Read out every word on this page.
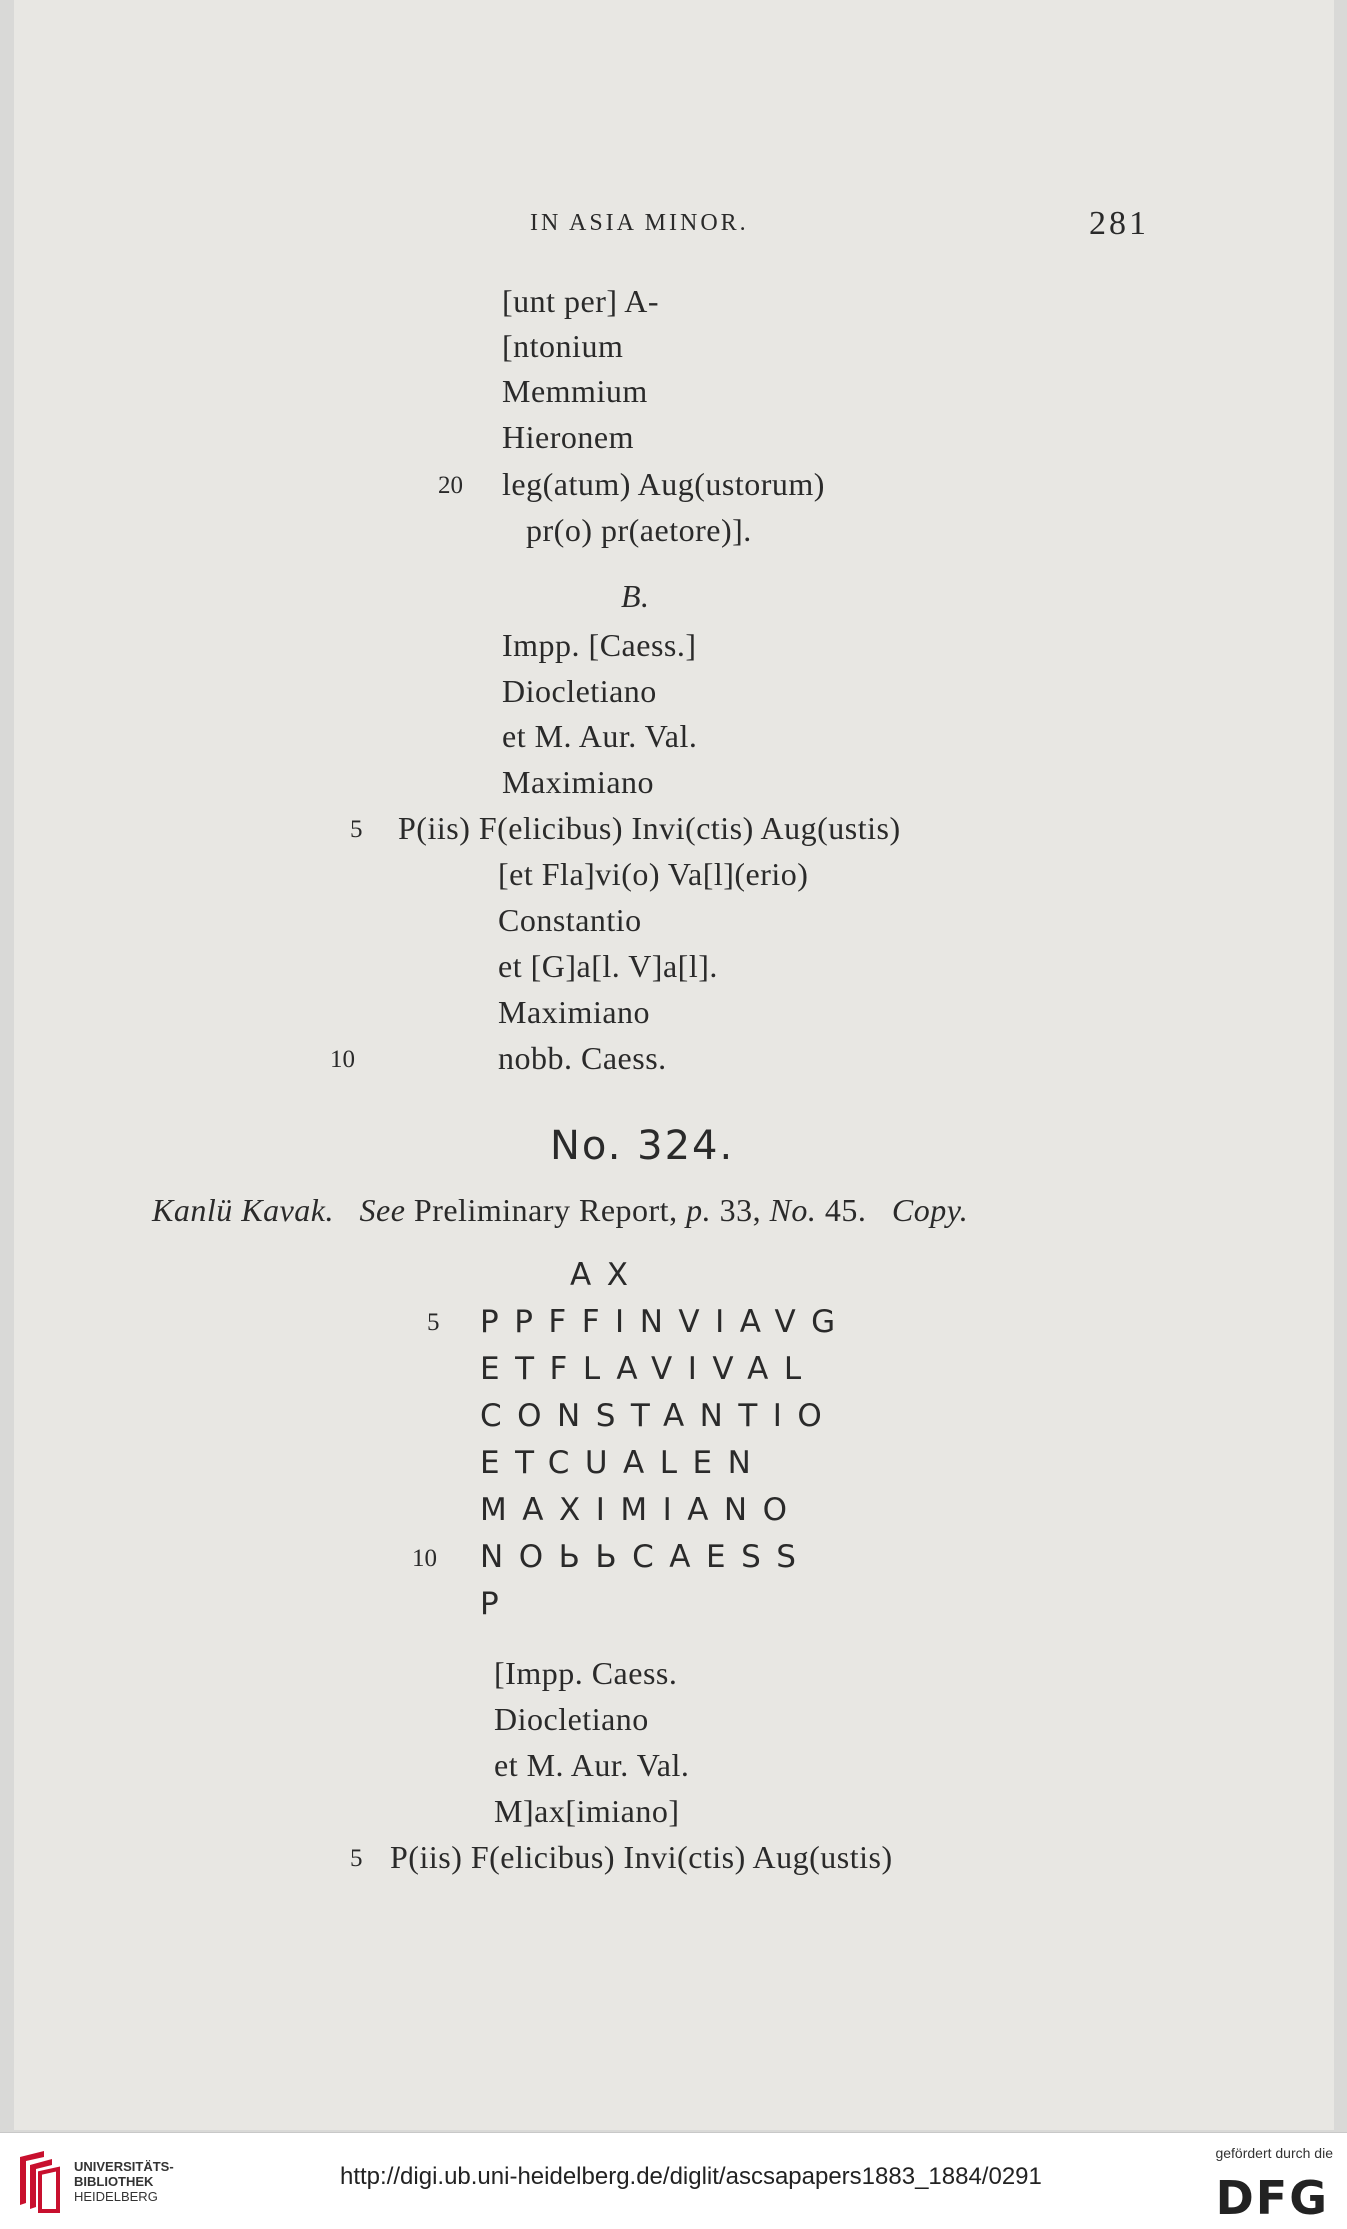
IN ASIA MINOR.	281
[unt per] A-
[ntonium
Memmium
Hieronem
20 leg(atum) Aug(ustorum)
pr(o) pr(aetore)].
B.
Impp. [Caess.]
Diocletiano
et M. Aur. Val.
Maximiano
5 P(iis) F(elicibus) Invi(ctis) Aug(ustis)
[et Fla]vi(o) Va[l](erio)
Constantio
et [G]a[l. V]a[l].
Maximiano
10	nobb. Caess.
No. 324.
Kanlü Kavak. See Preliminary Report, p. 33, No. 45. Copy.
AX
5 PPFFINVIAVG
ETFLAVIVAL
CONSTANTIO
ETCUALEN
MAXIMIANO
10 NOЬЬCAESS
P
[Impp. Caess.
Diocletiano
et M. Aur. Val.
M]ax[imiano]
5 P(iis) F(elicibus) Invi(ctis) Aug(ustis)
UNIVERSITÄTS-
BIBLIOTHEK
HEIDELBERG
http://digi.ub.uni-heidelberg.de/diglit/ascsapapers1883_1884/0291
gefördert durch die
DFG
